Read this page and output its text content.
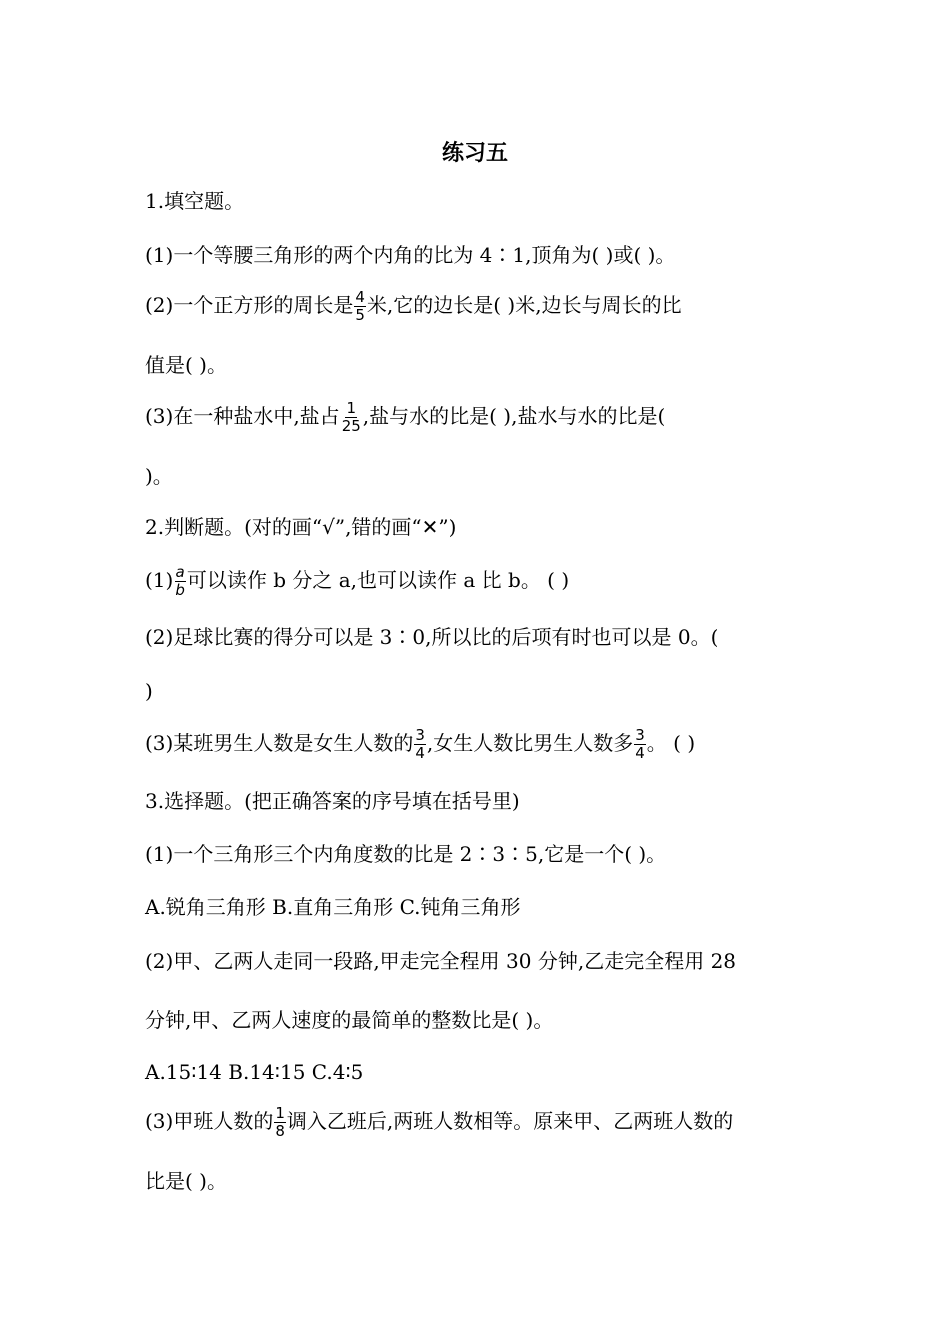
练习五
1.填空题。
(1)一个等腰三角形的两个内角的比为 4∶1,顶角为( )或( )。
(2)一个正方形的周长是 $\frac{4}{5}$ 米,它的边长是( )米,边长与周长的比
值是( )。
(3)在一种盐水中,盐占 $\frac{1}{25}$ ,盐与水的比是( ),盐水与水的比是(
)。
2.判断题。(对的画“√”,错的画“✕”)
$(1) \frac{a}{b}$ 可以读作 b 分之 a,也可以读作 a 比 b。 ( )
(2)足球比赛的得分可以是 3∶0,所以比的后项有时也可以是 0。(
)
(3)某班男生人数是女生人数的 $\frac{3}{4}$ ,女生人数比男生人数多 $\frac{3}{4}$ 。 ( )
3.选择题。(把正确答案的序号填在括号里)
(1)一个三角形三个内角度数的比是 2∶3∶5,它是一个( )。
A.锐角三角形 B.直角三角形 C.钝角三角形
(2)甲、乙两人走同一段路,甲走完全程用 30 分钟,乙走完全程用 28
分钟,甲、乙两人速度的最简单的整数比是( )。
A.15∶14 B.14∶15 C.4∶5
(3)甲班人数的 $\frac{1}{8}$ 调入乙班后,两班人数相等。原来甲、乙两班人数的
比是( )。
